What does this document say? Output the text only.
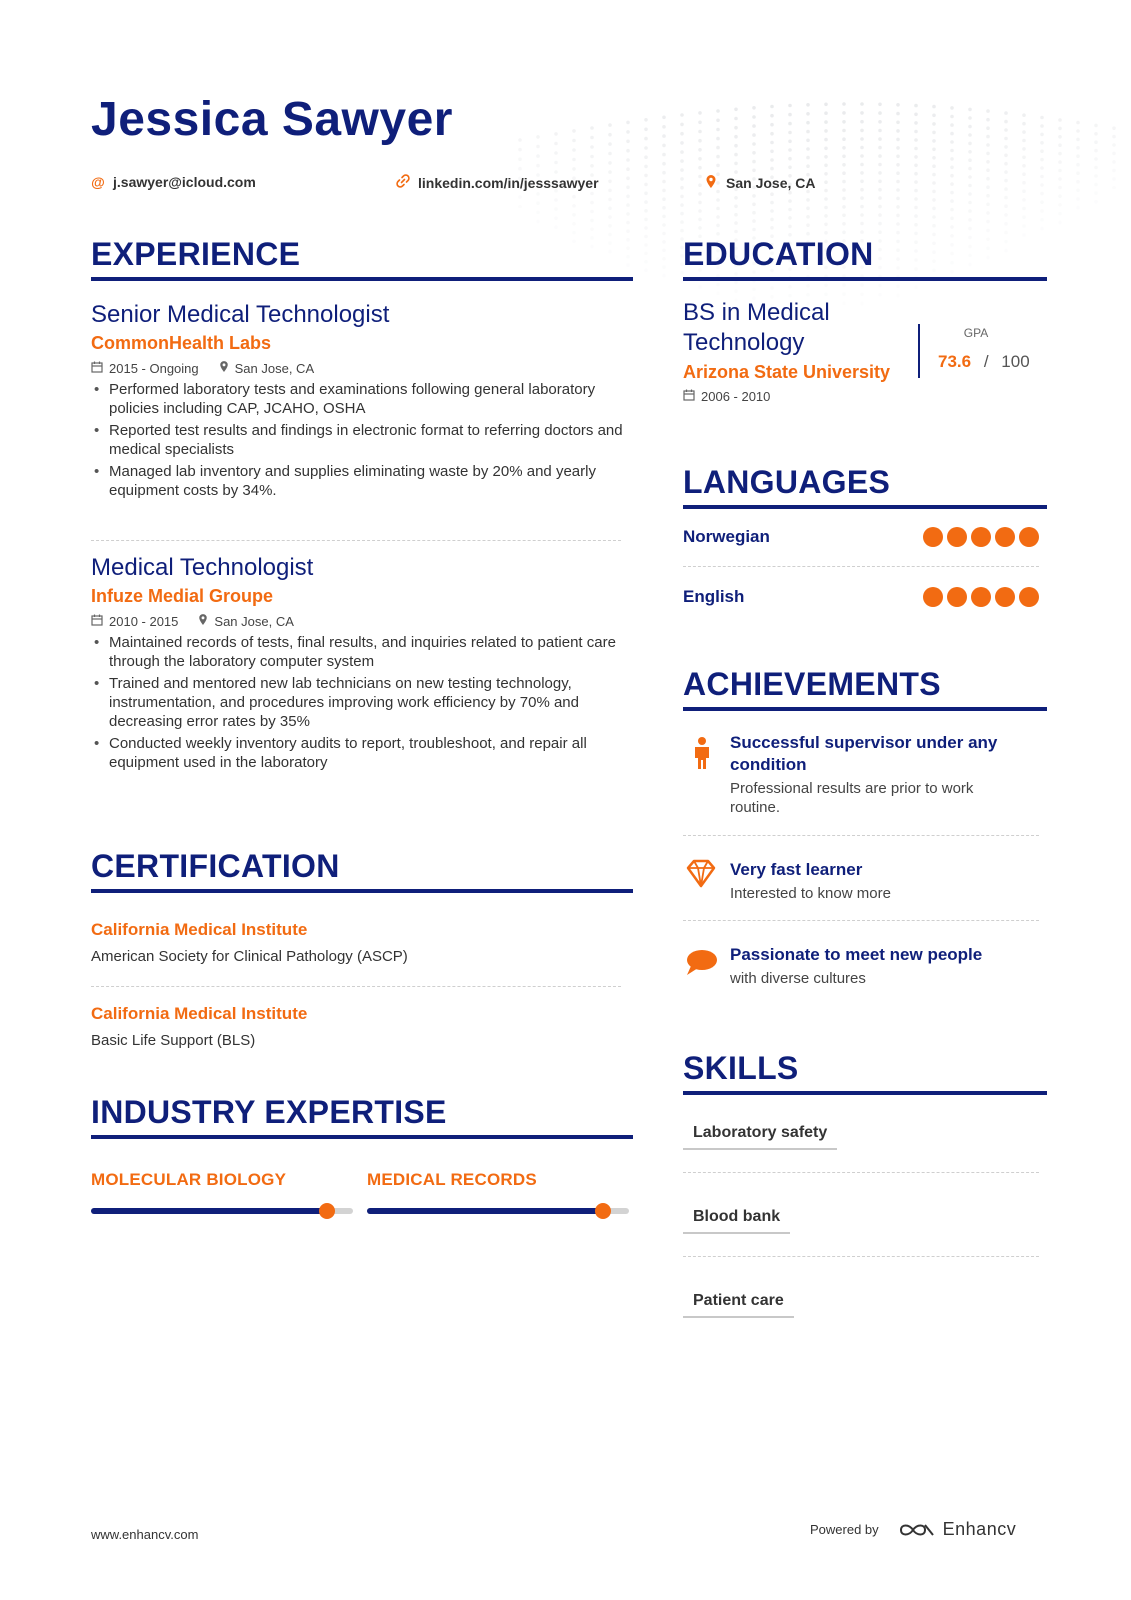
Jessica Sawyer
@ j.sawyer@icloud.com	linkedin.com/in/jesssawyer	San Jose, CA
EXPERIENCE
Senior Medical Technologist
CommonHealth Labs
2015 - Ongoing	San Jose, CA
• Performed laboratory tests and examinations following general laboratory policies including CAP, JCAHO, OSHA
• Reported test results and findings in electronic format to referring doctors and medical specialists
• Managed lab inventory and supplies eliminating waste by 20% and yearly equipment costs by 34%.
Medical Technologist
Infuze Medial Groupe
2010 - 2015	San Jose, CA
• Maintained records of tests, final results, and inquiries related to patient care through the laboratory computer system
• Trained and mentored new lab technicians on new testing technology, instrumentation, and procedures improving work efficiency by 70% and decreasing error rates by 35%
• Conducted weekly inventory audits to report, troubleshoot, and repair all equipment used in the laboratory
CERTIFICATION
California Medical Institute
American Society for Clinical Pathology (ASCP)
California Medical Institute
Basic Life Support (BLS)
INDUSTRY EXPERTISE
MOLECULAR BIOLOGY	MEDICAL RECORDS
EDUCATION
BS in Medical
Technology
Arizona State University
2006 - 2010
GPA
73.6 / 100
LANGUAGES
Norwegian
English
ACHIEVEMENTS
Successful supervisor under any
condition
Professional results are prior to work
routine.
Very fast learner
Interested to know more
Passionate to meet new people
with diverse cultures
SKILLS
Laboratory safety
Blood bank
Patient care
www.enhancv.com	Powered by	Enhancv
